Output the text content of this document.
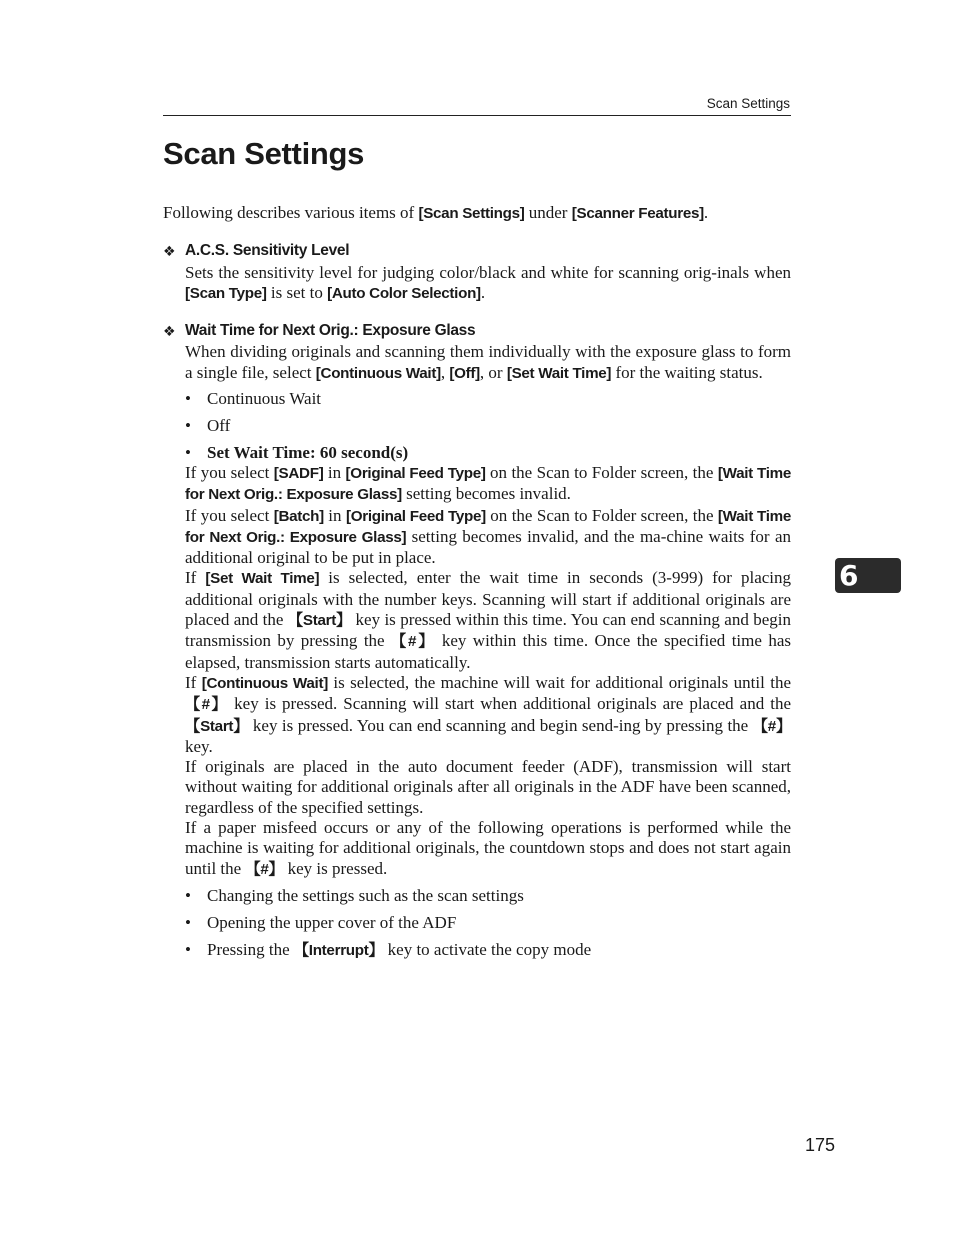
Scan Settings
Scan Settings

Following describes various items of [Scan Settings] under [Scanner Features].

❖ A.C.S. Sensitivity Level

Sets the sensitivity level for judging color/black and white for scanning orig-inals when [Scan Type] is set to [Auto Color Selection].

❖ Wait Time for Next Orig.: Exposure Glass

When dividing originals and scanning them individually with the exposure glass to form a single file, select [Continuous Wait], [Off], or [Set Wait Time] for the waiting status.

• Continuous Wait
• Off
• Set Wait Time: 60 second(s)

If you select [SADF] in [Original Feed Type] on the Scan to Folder screen, the [Wait Time for Next Orig.: Exposure Glass] setting becomes invalid.

If you select [Batch] in [Original Feed Type] on the Scan to Folder screen, the [Wait Time for Next Orig.: Exposure Glass] setting becomes invalid, and the ma-chine waits for an additional original to be put in place.

If [Set Wait Time] is selected, enter the wait time in seconds (3-999) for placing additional originals with the number keys. Scanning will start if additional originals are placed and the 【Start】 key is pressed within this time. You can end scanning and begin transmission by pressing the 【#】 key within this time. Once the specified time has elapsed, transmission starts automatically.

If [Continuous Wait] is selected, the machine will wait for additional originals until the 【#】 key is pressed. Scanning will start when additional originals are placed and the 【Start】 key is pressed. You can end scanning and begin send-ing by pressing the 【#】 key.

If originals are placed in the auto document feeder (ADF), transmission will start without waiting for additional originals after all originals in the ADF have been scanned, regardless of the specified settings.

If a paper misfeed occurs or any of the following operations is performed while the machine is waiting for additional originals, the countdown stops and does not start again until the 【#】 key is pressed.

• Changing the settings such as the scan settings
• Opening the upper cover of the ADF
• Pressing the 【Interrupt】 key to activate the copy mode
6
175
